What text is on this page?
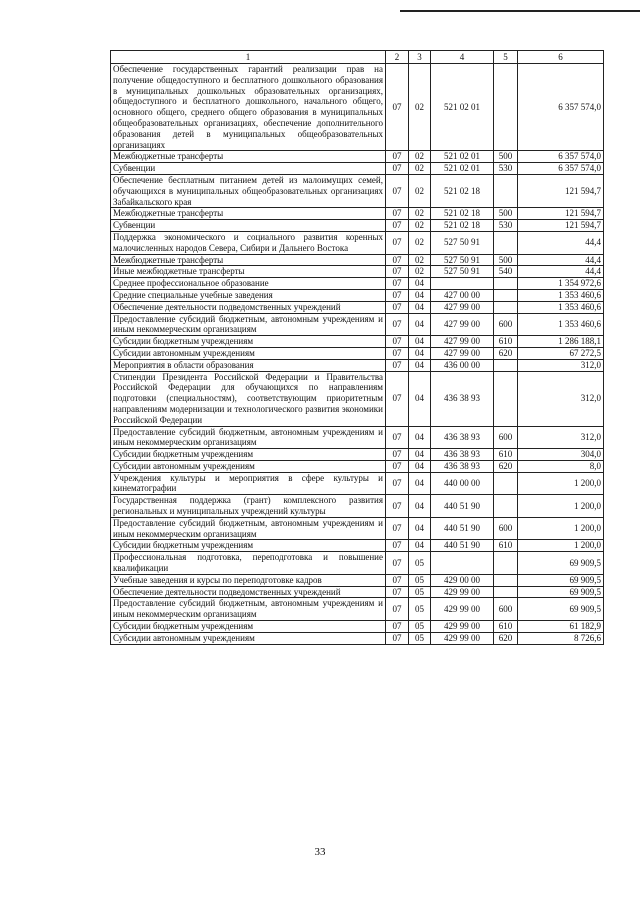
1	2	3	4	5	6
Обеспечение государственных гарантий реализации прав на получение общедоступного и бесплатного дошкольного образования в муниципальных дошкольных образовательных организациях, общедоступного и бесплатного дошкольного, начального общего, основного общего, среднего общего образования в муниципальных общеобразовательных организациях, обеспечение дополнительного образования детей в муниципальных общеобразовательных организациях	07	02	521 02 01		6 357 574,0
Межбюджетные трансферты	07	02	521 02 01	500	6 357 574,0
Субвенции	07	02	521 02 01	530	6 357 574,0
Обеспечение бесплатным питанием детей из малоимущих семей, обучающихся в муниципальных общеобразовательных организациях Забайкальского края	07	02	521 02 18		121 594,7
Межбюджетные трансферты	07	02	521 02 18	500	121 594,7
Субвенции	07	02	521 02 18	530	121 594,7
Поддержка экономического и социального развития коренных малочисленных народов Севера, Сибири и Дальнего Востока	07	02	527 50 91		44,4
Межбюджетные трансферты	07	02	527 50 91	500	44,4
Иные межбюджетные трансферты	07	02	527 50 91	540	44,4
Среднее профессиональное образование	07	04			1 354 972,6
Средние специальные учебные заведения	07	04	427 00 00		1 353 460,6
Обеспечение деятельности подведомственных учреждений	07	04	427 99 00		1 353 460,6
Предоставление субсидий бюджетным, автономным учреждениям и иным некоммерческим организациям	07	04	427 99 00	600	1 353 460,6
Субсидии бюджетным учреждениям	07	04	427 99 00	610	1 286 188,1
Субсидии автономным учреждениям	07	04	427 99 00	620	67 272,5
Мероприятия в области образования	07	04	436 00 00		312,0
Стипендии Президента Российской Федерации и Правительства Российской Федерации для обучающихся по направлениям подготовки (специальностям), соответствующим приоритетным направлениям модернизации и технологического развития экономики Российской Федерации	07	04	436 38 93		312,0
Предоставление субсидий бюджетным, автономным учреждениям и иным некоммерческим организациям	07	04	436 38 93	600	312,0
Субсидии бюджетным учреждениям	07	04	436 38 93	610	304,0
Субсидии автономным учреждениям	07	04	436 38 93	620	8,0
Учреждения культуры и мероприятия в сфере культуры и кинематографии	07	04	440 00 00		1 200,0
Государственная поддержка (грант) комплексного развития региональных и муниципальных учреждений культуры	07	04	440 51 90		1 200,0
Предоставление субсидий бюджетным, автономным учреждениям и иным некоммерческим организациям	07	04	440 51 90	600	1 200,0
Субсидии бюджетным учреждениям	07	04	440 51 90	610	1 200,0
Профессиональная подготовка, переподготовка и повышение квалификации	07	05			69 909,5
Учебные заведения и курсы по переподготовке кадров	07	05	429 00 00		69 909,5
Обеспечение деятельности подведомственных учреждений	07	05	429 99 00		69 909,5
Предоставление субсидий бюджетным, автономным учреждениям и иным некоммерческим организациям	07	05	429 99 00	600	69 909,5
Субсидии бюджетным учреждениям	07	05	429 99 00	610	61 182,9
Субсидии автономным учреждениям	07	05	429 99 00	620	8 726,6
33
